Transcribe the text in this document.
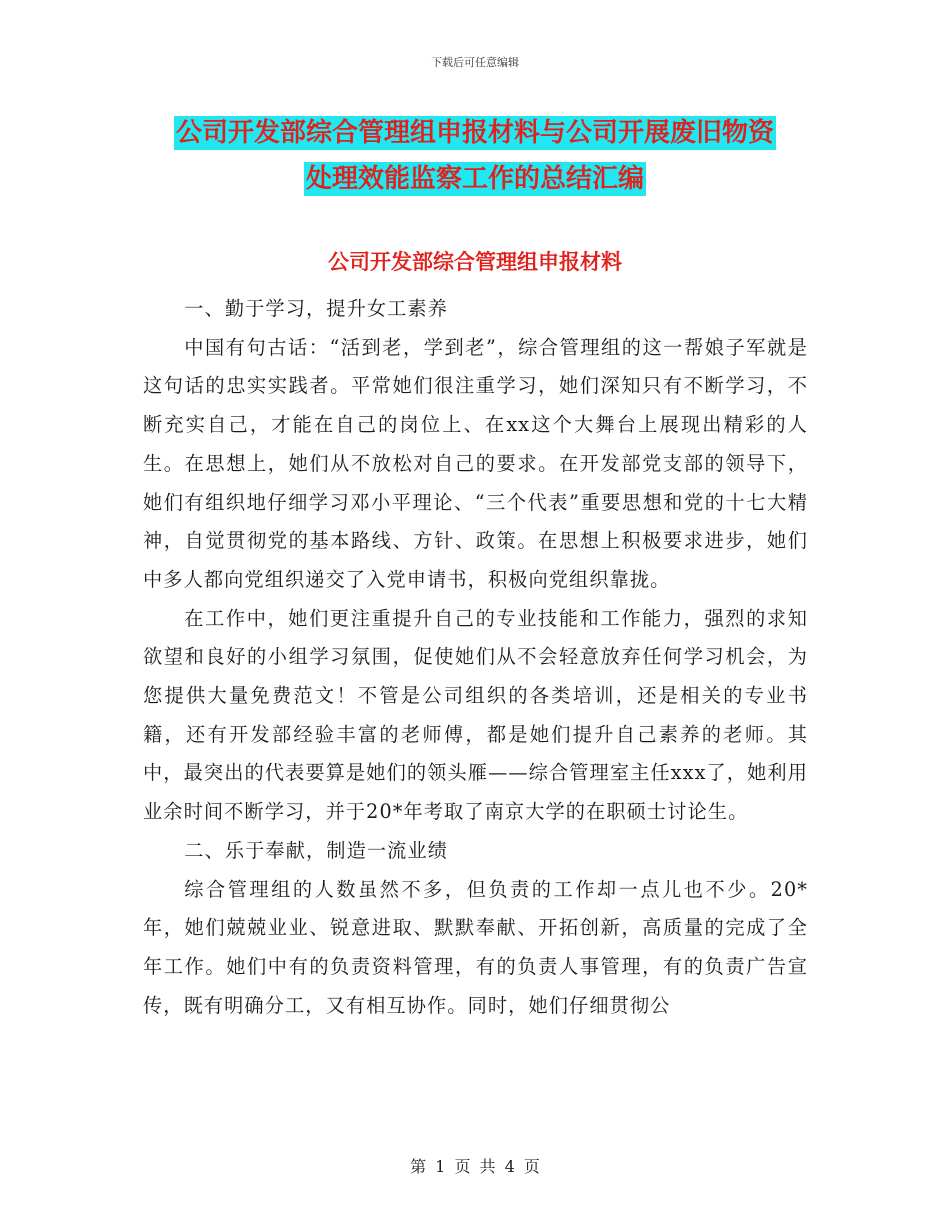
下载后可任意编辑
公司开发部综合管理组申报材料与公司开展废旧物资
处理效能监察工作的总结汇编
公司开发部综合管理组申报材料

一、勤于学习，提升女工素养

中国有句古话：“活到老，学到老”，综合管理组的这一帮娘子军就是这句话的忠实实践者。平常她们很注重学习，她们深知只有不断学习，不断充实自己，才能在自己的岗位上、在xx这个大舞台上展现出精彩的人生。在思想上，她们从不放松对自己的要求。在开发部党支部的领导下，她们有组织地仔细学习邓小平理论、“三个代表”重要思想和党的十七大精神，自觉贯彻党的基本路线、方针、政策。在思想上积极要求进步，她们中多人都向党组织递交了入党申请书，积极向党组织靠拢。

在工作中，她们更注重提升自己的专业技能和工作能力，强烈的求知欲望和良好的小组学习氛围，促使她们从不会轻意放弃任何学习机会，为您提供大量免费范文！不管是公司组织的各类培训，还是相关的专业书籍，还有开发部经验丰富的老师傅，都是她们提升自己素养的老师。其中，最突出的代表要算是她们的领头雁——综合管理室主任xxx了，她利用业余时间不断学习，并于20*年考取了南京大学的在职硕士讨论生。

二、乐于奉献，制造一流业绩

综合管理组的人数虽然不多，但负责的工作却一点儿也不少。20*年，她们兢兢业业、锐意进取、默默奉献、开拓创新，高质量的完成了全年工作。她们中有的负责资料管理，有的负责人事管理，有的负责广告宣传，既有明确分工，又有相互协作。同时，她们仔细贯彻公

第 1 页 共 4 页
